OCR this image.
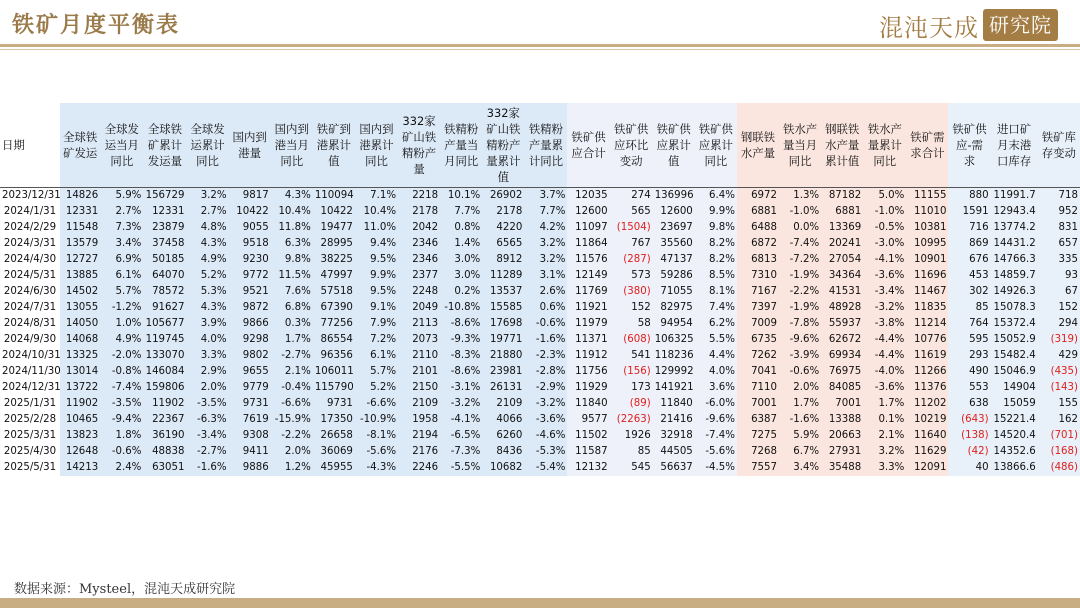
铁矿月度平衡表	混沌天成 研究院
日期	全球铁矿发运	全球发运当月同比	全球铁矿累计发运量	全球发运累计同比	国内到港量	国内到港当月同比	铁矿到港累计值	国内到港累计同比	332家矿山铁精粉产量	铁精粉产量当月同比	332家矿山铁精粉产量累计值	铁精粉产量累计同比	铁矿供应合计	铁矿供应环比变动	铁矿供应累计值	铁矿供应累计同比	钢联铁水产量	铁水产量当月同比	钢联铁水产量累计值	铁水产量累计同比	铁矿需求合计	铁矿供应-需求	进口矿月末港口库存	铁矿库存变动
2023/12/31	14826	5.9%	156729	3.2%	9817	4.3%	110094	7.1%	2218	10.1%	26902	3.7%	12035	274	136996	6.4%	6972	1.3%	87182	5.0%	11155	880	11991.7	718
2024/1/31	12331	2.7%	12331	2.7%	10422	10.4%	10422	10.4%	2178	7.7%	2178	7.7%	12600	565	12600	9.9%	6881	-1.0%	6881	-1.0%	11010	1591	12943.4	952
2024/2/29	11548	7.3%	23879	4.8%	9055	11.8%	19477	11.0%	2042	0.8%	4220	4.2%	11097	(1504)	23697	9.8%	6488	0.0%	13369	-0.5%	10381	716	13774.2	831
2024/3/31	13579	3.4%	37458	4.3%	9518	6.3%	28995	9.4%	2346	1.4%	6565	3.2%	11864	767	35560	8.2%	6872	-7.4%	20241	-3.0%	10995	869	14431.2	657
2024/4/30	12727	6.9%	50185	4.9%	9230	9.8%	38225	9.5%	2346	3.0%	8912	3.2%	11576	(287)	47137	8.2%	6813	-7.2%	27054	-4.1%	10901	676	14766.3	335
2024/5/31	13885	6.1%	64070	5.2%	9772	11.5%	47997	9.9%	2377	3.0%	11289	3.1%	12149	573	59286	8.5%	7310	-1.9%	34364	-3.6%	11696	453	14859.7	93
2024/6/30	14502	5.7%	78572	5.3%	9521	7.6%	57518	9.5%	2248	0.2%	13537	2.6%	11769	(380)	71055	8.1%	7167	-2.2%	41531	-3.4%	11467	302	14926.3	67
2024/7/31	13055	-1.2%	91627	4.3%	9872	6.8%	67390	9.1%	2049	-10.8%	15585	0.6%	11921	152	82975	7.4%	7397	-1.9%	48928	-3.2%	11835	85	15078.3	152
2024/8/31	14050	1.0%	105677	3.9%	9866	0.3%	77256	7.9%	2113	-8.6%	17698	-0.6%	11979	58	94954	6.2%	7009	-7.8%	55937	-3.8%	11214	764	15372.4	294
2024/9/30	14068	4.9%	119745	4.0%	9298	1.7%	86554	7.2%	2073	-9.3%	19771	-1.6%	11371	(608)	106325	5.5%	6735	-9.6%	62672	-4.4%	10776	595	15052.9	(319)
2024/10/31	13325	-2.0%	133070	3.3%	9802	-2.7%	96356	6.1%	2110	-8.3%	21880	-2.3%	11912	541	118236	4.4%	7262	-3.9%	69934	-4.4%	11619	293	15482.4	429
2024/11/30	13014	-0.8%	146084	2.9%	9655	2.1%	106011	5.7%	2101	-8.6%	23981	-2.8%	11756	(156)	129992	4.0%	7041	-0.6%	76975	-4.0%	11266	490	15046.9	(435)
2024/12/31	13722	-7.4%	159806	2.0%	9779	-0.4%	115790	5.2%	2150	-3.1%	26131	-2.9%	11929	173	141921	3.6%	7110	2.0%	84085	-3.6%	11376	553	14904	(143)
2025/1/31	11902	-3.5%	11902	-3.5%	9731	-6.6%	9731	-6.6%	2109	-3.2%	2109	-3.2%	11840	(89)	11840	-6.0%	7001	1.7%	7001	1.7%	11202	638	15059	155
2025/2/28	10465	-9.4%	22367	-6.3%	7619	-15.9%	17350	-10.9%	1958	-4.1%	4066	-3.6%	9577	(2263)	21416	-9.6%	6387	-1.6%	13388	0.1%	10219	(643)	15221.4	162
2025/3/31	13823	1.8%	36190	-3.4%	9308	-2.2%	26658	-8.1%	2194	-6.5%	6260	-4.6%	11502	1926	32918	-7.4%	7275	5.9%	20663	2.1%	11640	(138)	14520.4	(701)
2025/4/30	12648	-0.6%	48838	-2.7%	9411	2.0%	36069	-5.6%	2176	-7.3%	8436	-5.3%	11587	85	44505	-5.6%	7268	6.7%	27931	3.2%	11629	(42)	14352.6	(168)
2025/5/31	14213	2.4%	63051	-1.6%	9886	1.2%	45955	-4.3%	2246	-5.5%	10682	-5.4%	12132	545	56637	-4.5%	7557	3.4%	35488	3.3%	12091	40	13866.6	(486)
数据来源：Mysteel，混沌天成研究院
